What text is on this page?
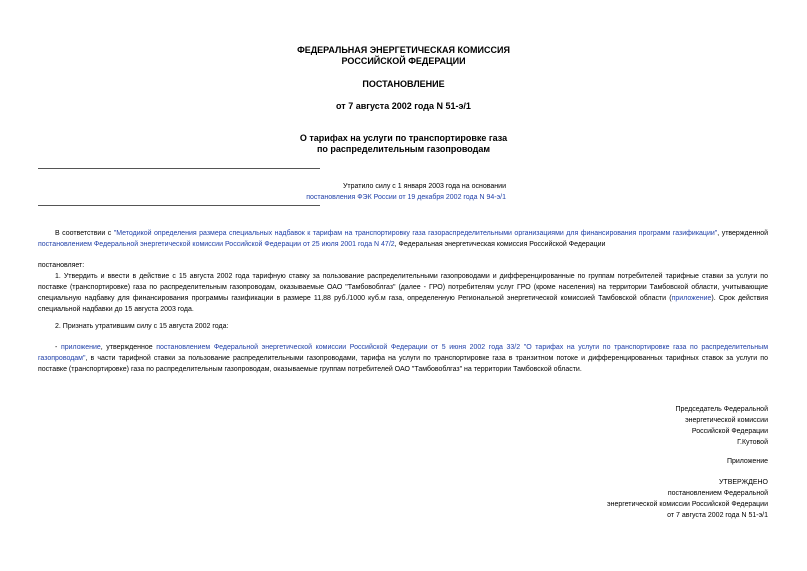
ФЕДЕРАЛЬНАЯ ЭНЕРГЕТИЧЕСКАЯ КОМИССИЯ
РОССИЙСКОЙ ФЕДЕРАЦИИ
ПОСТАНОВЛЕНИЕ
от 7 августа 2002 года N 51-э/1
О тарифах на услуги по транспортировке газа
по распределительным газопроводам
Утратило силу с 1 января 2003 года на основании
постановления ФЭК России от 19 декабря 2002 года N 94-э/1
В соответствии с "Методикой определения размера специальных надбавок к тарифам на транспортировку газа газораспределительными организациями для финансирования программ газификации", утвержденной постановлением Федеральной энергетической комиссии Российской Федерации от 25 июля 2001 года N 47/2, Федеральная энергетическая комиссия Российской Федерации
постановляет:
1. Утвердить и ввести в действие с 15 августа 2002 года тарифную ставку за пользование распределительными газопроводами и дифференцированные по группам потребителей тарифные ставки за услуги по поставке (транспортировке) газа по распределительным газопроводам, оказываемые ОАО "Тамбовоблгаз" (далее - ГРО) потребителям услуг ГРО (кроме населения) на территории Тамбовской области, учитывающие специальную надбавку для финансирования программы газификации в размере 11,88 руб./1000 куб.м газа, определенную Региональной энергетической комиссией Тамбовской области (приложение). Срок действия специальной надбавки до 15 августа 2003 года.
2. Признать утратившим силу с 15 августа 2002 года:
- приложение, утвержденное постановлением Федеральной энергетической комиссии Российской Федерации от 5 июня 2002 года 33/2 "О тарифах на услуги по транспортировке газа по распределительным газопроводам", в части тарифной ставки за пользование распределительными газопроводами, тарифа на услуги по транспортировке газа в транзитном потоке и дифференцированных тарифных ставок за услуги по поставке (транспортировке) газа по распределительным газопроводам, оказываемые группам потребителей ОАО "Тамбовоблгаз" на территории Тамбовской области.
Председатель Федеральной
энергетической комиссии
Российской Федерации
Г.Кутовой
Приложение
УТВЕРЖДЕНО
постановлением Федеральной
энергетической комиссии Российской Федерации
от 7 августа 2002 года N 51-э/1
